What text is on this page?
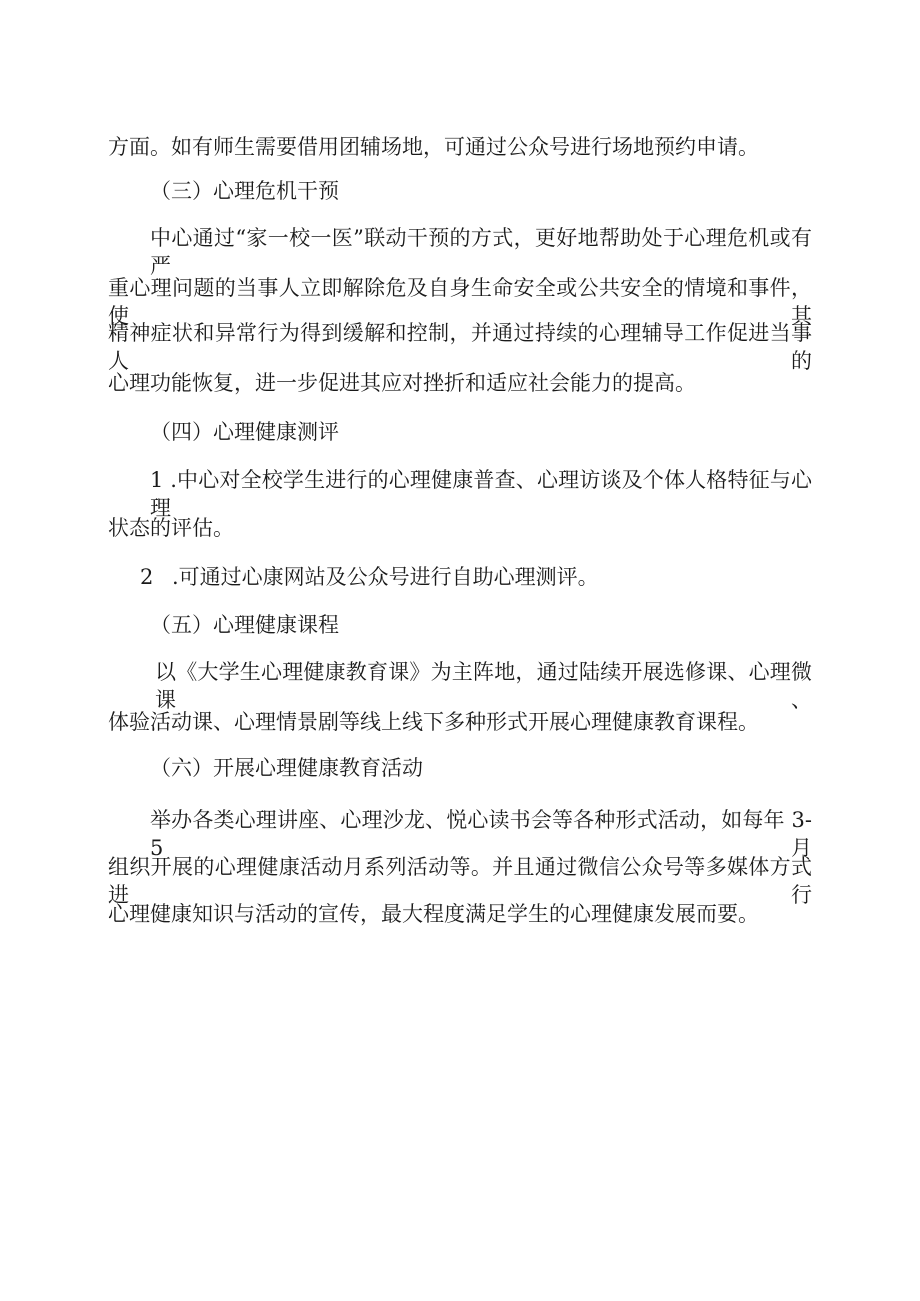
方面。如有师生需要借用团辅场地，可通过公众号进行场地预约申请。
（三）心理危机干预
中心通过“家一校一医”联动干预的方式，更好地帮助处于心理危机或有严
重心理问题的当事人立即解除危及自身生命安全或公共安全的情境和事件，使其
精神症状和异常行为得到缓解和控制，并通过持续的心理辅导工作促进当事人的
心理功能恢复，进一步促进其应对挫折和适应社会能力的提高。
（四）心理健康测评
1 .中心对全校学生进行的心理健康普查、心理访谈及个体人格特征与心理
状态的评估。
2 .可通过心康网站及公众号进行自助心理测评。
（五）心理健康课程
以《大学生心理健康教育课》为主阵地，通过陆续开展选修课、心理微课、
体验活动课、心理情景剧等线上线下多种形式开展心理健康教育课程。
（六）开展心理健康教育活动
举办各类心理讲座、心理沙龙、悦心读书会等各种形式活动，如每年 3-5 月
组织开展的心理健康活动月系列活动等。并且通过微信公众号等多媒体方式进行
心理健康知识与活动的宣传，最大程度满足学生的心理健康发展而要。
